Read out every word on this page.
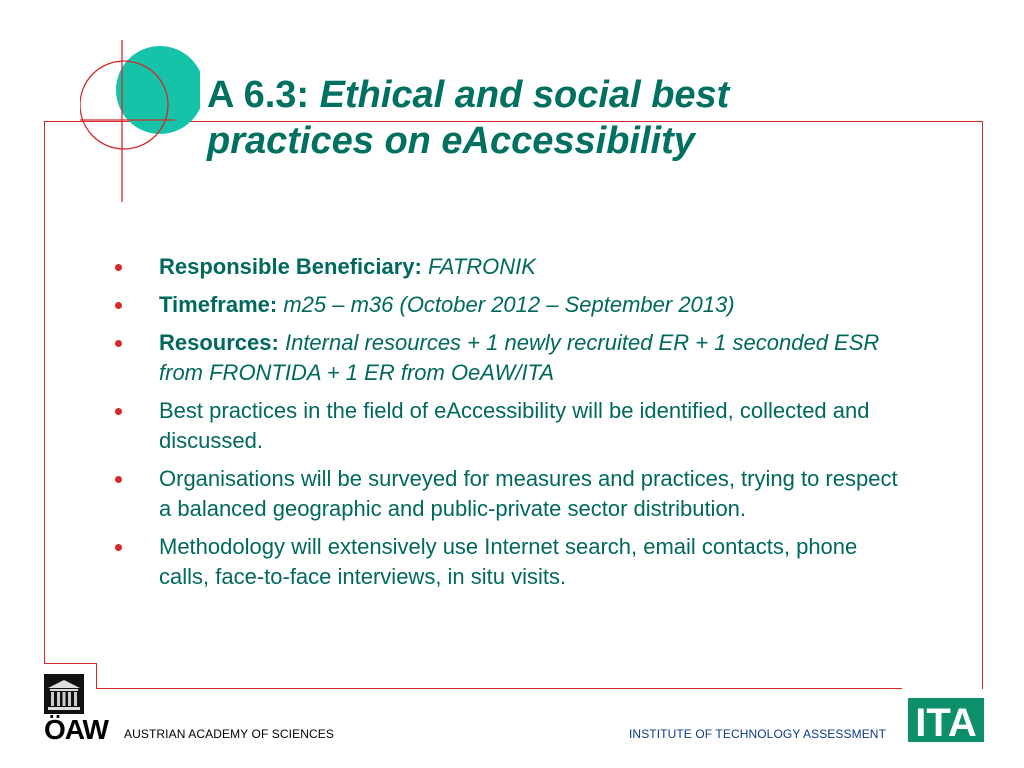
A 6.3: Ethical and social best
practices on eAccessibility
Responsible Beneficiary: FATRONIK
Timeframe: m25 – m36 (October 2012 – September 2013)
Resources: Internal resources + 1 newly recruited ER + 1 seconded ESR from FRONTIDA + 1 ER from OeAW/ITA
Best practices in the field of eAccessibility will be identified, collected and discussed.
Organisations will be surveyed for measures and practices, trying to respect a balanced geographic and public-private sector distribution.
Methodology will extensively use Internet search, email contacts, phone calls, face-to-face interviews, in situ visits.
ÖAW AUSTRIAN ACADEMY OF SCIENCES	INSTITUTE OF TECHNOLOGY ASSESSMENT ITA
